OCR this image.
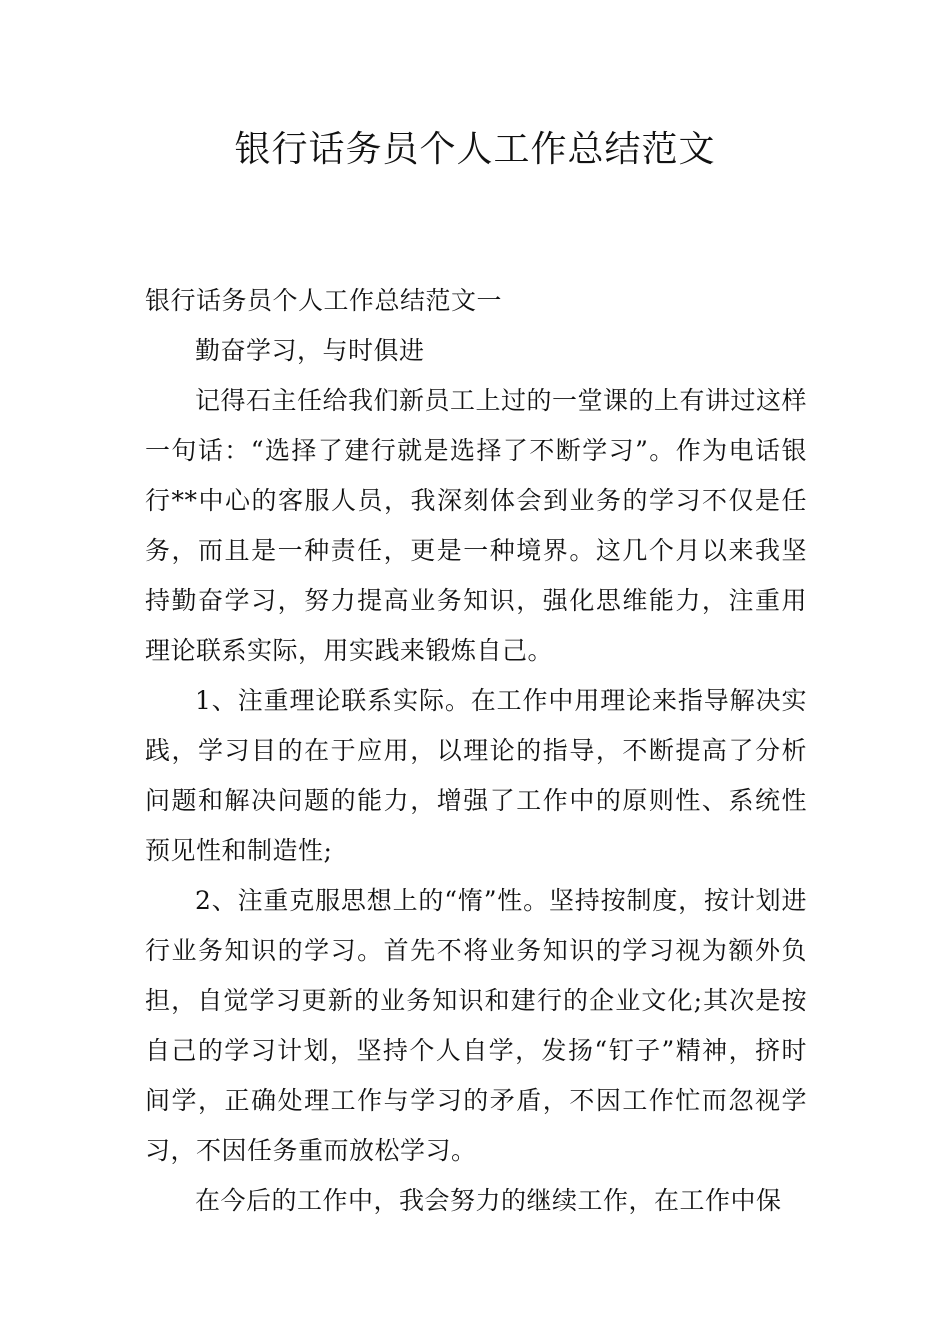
银行话务员个人工作总结范文

银行话务员个人工作总结范文一

勤奋学习，与时俱进

记得石主任给我们新员工上过的一堂课的上有讲过这样一句话：“选择了建行就是选择了不断学习”。作为电话银行**中心的客服人员，我深刻体会到业务的学习不仅是任务，而且是一种责任，更是一种境界。这几个月以来我坚持勤奋学习，努力提高业务知识，强化思维能力，注重用理论联系实际，用实践来锻炼自己。

1、注重理论联系实际。在工作中用理论来指导解决实践，学习目的在于应用，以理论的指导，不断提高了分析问题和解决问题的能力，增强了工作中的原则性、系统性预见性和制造性;

2、注重克服思想上的“惰”性。坚持按制度，按计划进行业务知识的学习。首先不将业务知识的学习视为额外负担，自觉学习更新的业务知识和建行的企业文化;其次是按自己的学习计划，坚持个人自学，发扬“钉子”精神，挤时间学，正确处理工作与学习的矛盾，不因工作忙而忽视学习，不因任务重而放松学习。

在今后的工作中，我会努力的继续工作，在工作中保
